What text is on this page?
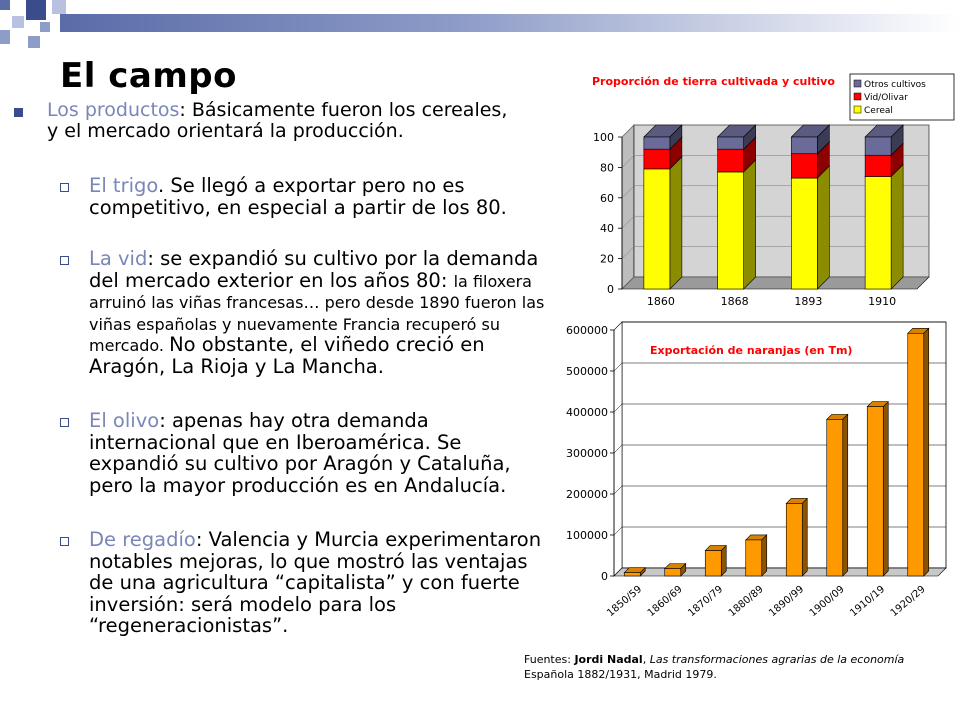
El campo
Los productos: Básicamente fueron los cereales, y el mercado orientará la producción.
El trigo. Se llegó a exportar pero no es competitivo, en especial a partir de los 80.
La vid: se expandió su cultivo por la demanda del mercado exterior en los años 80: la filoxera arruinó las viñas francesas… pero desde 1890 fueron las viñas españolas y nuevamente Francia recuperó su mercado. No obstante, el viñedo creció en Aragón, La Rioja y La Mancha.
El olivo: apenas hay otra demanda internacional que en Iberoamérica. Se expandió su cultivo por Aragón y Cataluña, pero la mayor producción es en Andalucía.
De regadío: Valencia y Murcia experimentaron notables mejoras, lo que mostró las ventajas de una agricultura “capitalista” y con fuerte inversión: será modelo para los “regeneracionistas”.
Proporción de tierra cultivada y cultivo
0
20
40
60
80
100
1860	1868	1893	1910
Otros cultivos
Vid/Olivar
Cereal
Exportación de naranjas (en Tm)
0
100000
200000
300000
400000
500000
600000
1850/59 1860/69 1870/79 1880/89 1890/99 1900/09 1910/19 1920/29
Fuentes: Jordi Nadal, Las transformaciones agrarias de la economía Española 1882/1931, Madrid 1979.
